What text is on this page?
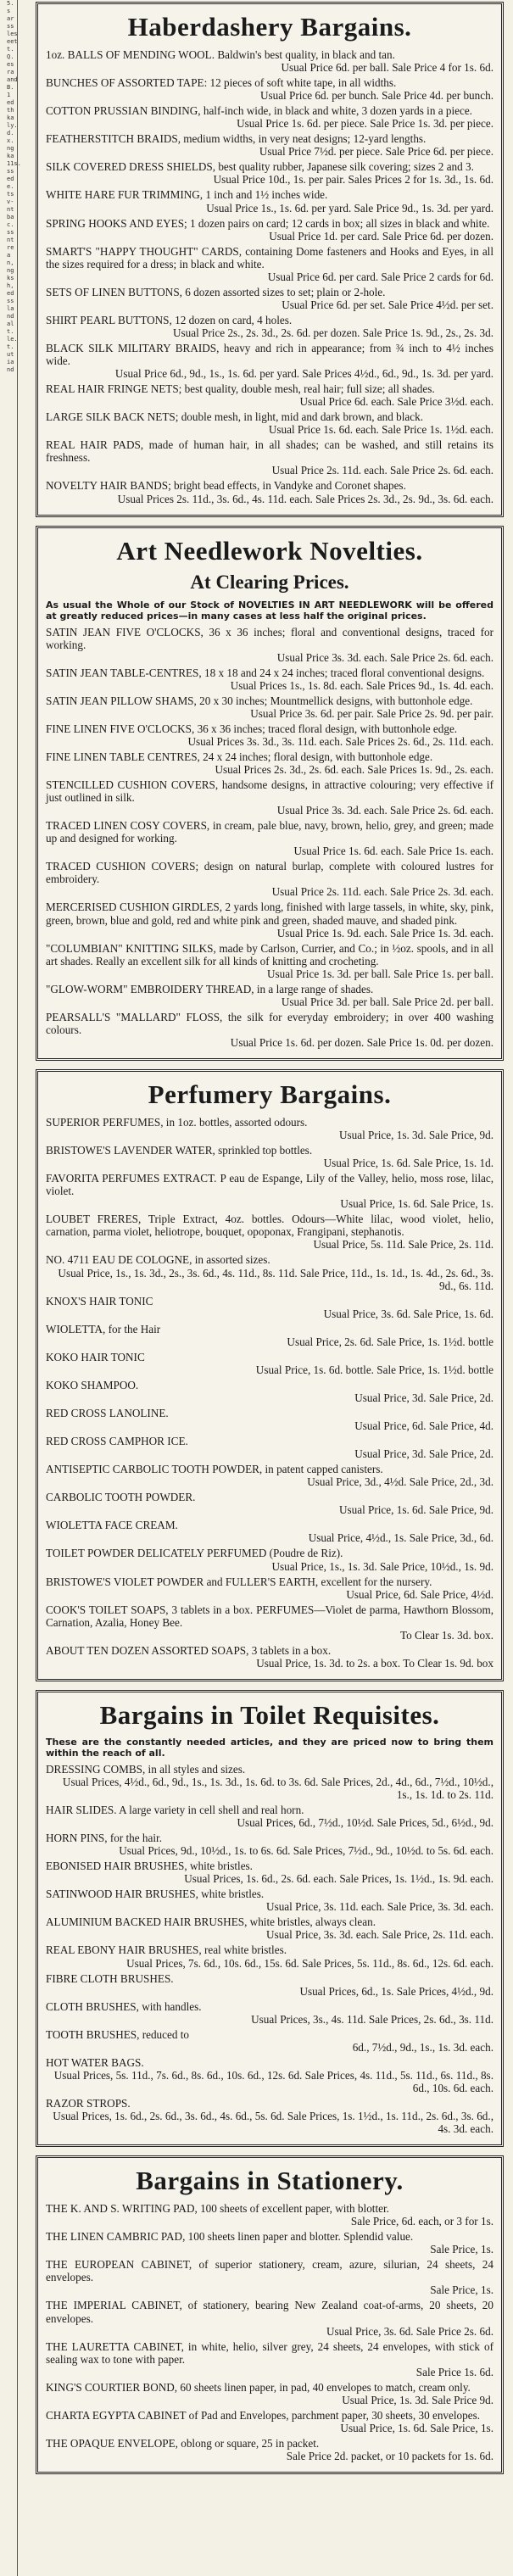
5.
s
ar
ss
les
eet
t.
Q.
es
ra
and
B.
1
ed
th
ka
ly.
d.
x.
ng
ka
11s.
ss
ed
e.
ts
v-
nt
ba
c.
ss
nt
re
a
n,
ng
ks
h,
ed
ss
la
nd
al
t.
le.
t.
ut
ia
nd
Haberdashery Bargains.
1oz. BALLS OF MENDING WOOL. Baldwin's best quality, in black and tan.
Usual Price 6d. per ball. Sale Price 4 for 1s. 6d.
BUNCHES OF ASSORTED TAPE: 12 pieces of soft white tape, in all widths.
Usual Price 6d. per bunch. Sale Price 4d. per bunch.
COTTON PRUSSIAN BINDING, half-inch wide, in black and white, 3 dozen yards in a piece.
Usual Price 1s. 6d. per piece. Sale Price 1s. 3d. per piece.
FEATHERSTITCH BRAIDS, medium widths, in very neat designs; 12-yard lengths.
Usual Price 7½d. per piece. Sale Price 6d. per piece.
SILK COVERED DRESS SHIELDS, best quality rubber, Japanese silk covering; sizes 2 and 3.
Usual Price 10d., 1s. per pair. Sales Prices 2 for 1s. 3d., 1s. 6d.
WHITE HARE FUR TRIMMING, 1 inch and 1½ inches wide.
Usual Price 1s., 1s. 6d. per yard. Sale Price 9d., 1s. 3d. per yard.
SPRING HOOKS AND EYES; 1 dozen pairs on card; 12 cards in box; all sizes in black and white.
Usual Price 1d. per card. Sale Price 6d. per dozen.
SMART'S "HAPPY THOUGHT" CARDS, containing Dome fasteners and Hooks and Eyes, in all the sizes required for a dress; in black and white.
Usual Price 6d. per card. Sale Price 2 cards for 6d.
SETS OF LINEN BUTTONS, 6 dozen assorted sizes to set; plain or 2-hole.
Usual Price 6d. per set. Sale Price 4½d. per set.
SHIRT PEARL BUTTONS, 12 dozen on card, 4 holes.
Usual Price 2s., 2s. 3d., 2s. 6d. per dozen. Sale Price 1s. 9d., 2s., 2s. 3d.
BLACK SILK MILITARY BRAIDS, heavy and rich in appearance; from ¾ inch to 4½ inches wide.
Usual Price 6d., 9d., 1s., 1s. 6d. per yard. Sale Prices 4½d., 6d., 9d., 1s. 3d. per yard.
REAL HAIR FRINGE NETS; best quality, double mesh, real hair; full size; all shades.
Usual Price 6d. each. Sale Price 3½d. each.
LARGE SILK BACK NETS; double mesh, in light, mid and dark brown, and black.
Usual Price 1s. 6d. each. Sale Price 1s. 1½d. each.
REAL HAIR PADS, made of human hair, in all shades; can be washed, and still retains its freshness.
Usual Price 2s. 11d. each. Sale Price 2s. 6d. each.
NOVELTY HAIR BANDS; bright bead effects, in Vandyke and Coronet shapes.
Usual Prices 2s. 11d., 3s. 6d., 4s. 11d. each. Sale Prices 2s. 3d., 2s. 9d., 3s. 6d. each.
Art Needlework Novelties.
At Clearing Prices.
As usual the Whole of our Stock of NOVELTIES IN ART NEEDLEWORK will be offered at greatly reduced prices—in many cases at less half the original prices.
SATIN JEAN FIVE O'CLOCKS, 36 x 36 inches; floral and conventional designs, traced for working.
Usual Price 3s. 3d. each. Sale Price 2s. 6d. each.
SATIN JEAN TABLE-CENTRES, 18 x 18 and 24 x 24 inches; traced floral conventional designs.
Usual Prices 1s., 1s. 8d. each. Sale Prices 9d., 1s. 4d. each.
SATIN JEAN PILLOW SHAMS, 20 x 30 inches; Mountmellick designs, with buttonhole edge.
Usual Price 3s. 6d. per pair. Sale Price 2s. 9d. per pair.
FINE LINEN FIVE O'CLOCKS, 36 x 36 inches; traced floral design, with buttonhole edge.
Usual Prices 3s. 3d., 3s. 11d. each. Sale Prices 2s. 6d., 2s. 11d. each.
FINE LINEN TABLE CENTRES, 24 x 24 inches; floral design, with buttonhole edge.
Usual Prices 2s. 3d., 2s. 6d. each. Sale Prices 1s. 9d., 2s. each.
STENCILLED CUSHION COVERS, handsome designs, in attractive colouring; very effective if just outlined in silk.
Usual Price 3s. 3d. each. Sale Price 2s. 6d. each.
TRACED LINEN COSY COVERS, in cream, pale blue, navy, brown, helio, grey, and green; made up and designed for working.
Usual Price 1s. 6d. each. Sale Price 1s. each.
TRACED CUSHION COVERS; design on natural burlap, complete with coloured lustres for embroidery.
Usual Price 2s. 11d. each. Sale Price 2s. 3d. each.
MERCERISED CUSHION GIRDLES, 2 yards long, finished with large tassels, in white, sky, pink, green, brown, blue and gold, red and white pink and green, shaded mauve, and shaded pink.
Usual Price 1s. 9d. each. Sale Price 1s. 3d. each.
"COLUMBIAN" KNITTING SILKS, made by Carlson, Currier, and Co.; in ½oz. spools, and in all art shades. Really an excellent silk for all kinds of knitting and crocheting.
Usual Price 1s. 3d. per ball. Sale Price 1s. per ball.
"GLOW-WORM" EMBROIDERY THREAD, in a large range of shades.
Usual Price 3d. per ball. Sale Price 2d. per ball.
PEARSALL'S "MALLARD" FLOSS, the silk for everyday embroidery; in over 400 washing colours.
Usual Price 1s. 6d. per dozen. Sale Price 1s. 0d. per dozen.
Perfumery Bargains.
SUPERIOR PERFUMES, in 1oz. bottles, assorted odours.
Usual Price, 1s. 3d. Sale Price, 9d.
BRISTOWE'S LAVENDER WATER, sprinkled top bottles.
Usual Price, 1s. 6d. Sale Price, 1s. 1d.
FAVORITA PERFUMES EXTRACT. P eau de Espange, Lily of the Valley, helio, moss rose, lilac, violet.
Usual Price, 1s. 6d. Sale Price, 1s.
LOUBET FRERES, Triple Extract, 4oz. bottles. Odours—White lilac, wood violet, helio, carnation, parma violet, heliotrope, bouquet, opoponax, Frangipani, stephanotis.
Usual Price, 5s. 11d. Sale Price, 2s. 11d.
NO. 4711 EAU DE COLOGNE, in assorted sizes.
Usual Price, 1s., 1s. 3d., 2s., 3s. 6d., 4s. 11d., 8s. 11d. Sale Price, 11d., 1s. 1d., 1s. 4d., 2s. 6d., 3s. 9d., 6s. 11d.
KNOX'S HAIR TONIC
Usual Price, 3s. 6d. Sale Price, 1s. 6d.
WIOLETTA, for the Hair
Usual Price, 2s. 6d. Sale Price, 1s. 1½d. bottle
KOKO HAIR TONIC
Usual Price, 1s. 6d. bottle. Sale Price, 1s. 1½d. bottle
KOKO SHAMPOO.
Usual Price, 3d. Sale Price, 2d.
RED CROSS LANOLINE.
Usual Price, 6d. Sale Price, 4d.
RED CROSS CAMPHOR ICE.
Usual Price, 3d. Sale Price, 2d.
ANTISEPTIC CARBOLIC TOOTH POWDER, in patent capped canisters.
Usual Price, 3d., 4½d. Sale Price, 2d., 3d.
CARBOLIC TOOTH POWDER.
Usual Price, 1s. 6d. Sale Price, 9d.
WIOLETTA FACE CREAM.
Usual Price, 4½d., 1s. Sale Price, 3d., 6d.
TOILET POWDER DELICATELY PERFUMED (Poudre de Riz).
Usual Price, 1s., 1s. 3d. Sale Price, 10½d., 1s. 9d.
BRISTOWE'S VIOLET POWDER and FULLER'S EARTH, excellent for the nursery.
Usual Price, 6d. Sale Price, 4½d.
COOK'S TOILET SOAPS, 3 tablets in a box. PERFUMES—Violet de parma, Hawthorn Blossom, Carnation, Azalia, Honey Bee.
To Clear 1s. 3d. box.
ABOUT TEN DOZEN ASSORTED SOAPS, 3 tablets in a box.
Usual Price, 1s. 3d. to 2s. a box. To Clear 1s. 9d. box
Bargains in Toilet Requisites.
These are the constantly needed articles, and they are priced now to bring them within the reach of all.
DRESSING COMBS, in all styles and sizes.
Usual Prices, 4½d., 6d., 9d., 1s., 1s. 3d., 1s. 6d. to 3s. 6d. Sale Prices, 2d., 4d., 6d., 7½d., 10½d., 1s., 1s. 1d. to 2s. 11d.
HAIR SLIDES. A large variety in cell shell and real horn.
Usual Prices, 6d., 7½d., 10½d. Sale Prices, 5d., 6½d., 9d.
HORN PINS, for the hair.
Usual Prices, 9d., 10½d., 1s. to 6s. 6d. Sale Prices, 7½d., 9d., 10½d. to 5s. 6d. each.
EBONISED HAIR BRUSHES, white bristles.
Usual Prices, 1s. 6d., 2s. 6d. each. Sale Prices, 1s. 1½d., 1s. 9d. each.
SATINWOOD HAIR BRUSHES, white bristles.
Usual Price, 3s. 11d. each. Sale Price, 3s. 3d. each.
ALUMINIUM BACKED HAIR BRUSHES, white bristles, always clean.
Usual Price, 3s. 3d. each. Sale Price, 2s. 11d. each.
REAL EBONY HAIR BRUSHES, real white bristles.
Usual Prices, 7s. 6d., 10s. 6d., 15s. 6d. Sale Prices, 5s. 11d., 8s. 6d., 12s. 6d. each.
FIBRE CLOTH BRUSHES.
Usual Prices, 6d., 1s. Sale Prices, 4½d., 9d.
CLOTH BRUSHES, with handles.
Usual Prices, 3s., 4s. 11d. Sale Prices, 2s. 6d., 3s. 11d.
TOOTH BRUSHES, reduced to
6d., 7½d., 9d., 1s., 1s. 3d. each.
HOT WATER BAGS.
Usual Prices, 5s. 11d., 7s. 6d., 8s. 6d., 10s. 6d., 12s. 6d. Sale Prices, 4s. 11d., 5s. 11d., 6s. 11d., 8s. 6d., 10s. 6d. each.
RAZOR STROPS.
Usual Prices, 1s. 6d., 2s. 6d., 3s. 6d., 4s. 6d., 5s. 6d. Sale Prices, 1s. 1½d., 1s. 11d., 2s. 6d., 3s. 6d., 4s. 3d. each.
Bargains in Stationery.
THE K. AND S. WRITING PAD, 100 sheets of excellent paper, with blotter.
Sale Price, 6d. each, or 3 for 1s.
THE LINEN CAMBRIC PAD, 100 sheets linen paper and blotter. Splendid value.
Sale Price, 1s.
THE EUROPEAN CABINET, of superior stationery, cream, azure, silurian, 24 sheets, 24 envelopes.
Sale Price, 1s.
THE IMPERIAL CABINET, of stationery, bearing New Zealand coat-of-arms, 20 sheets, 20 envelopes.
Usual Price, 3s. 6d. Sale Price 2s. 6d.
THE LAURETTA CABINET, in white, helio, silver grey, 24 sheets, 24 envelopes, with stick of sealing wax to tone with paper.
Sale Price 1s. 6d.
KING'S COURTIER BOND, 60 sheets linen paper, in pad, 40 envelopes to match, cream only.
Usual Price, 1s. 3d. Sale Price 9d.
CHARTA EGYPTA CABINET of Pad and Envelopes, parchment paper, 30 sheets, 30 envelopes.
Usual Price, 1s. 6d. Sale Price, 1s.
THE OPAQUE ENVELOPE, oblong or square, 25 in packet.
Sale Price 2d. packet, or 10 packets for 1s. 6d.
